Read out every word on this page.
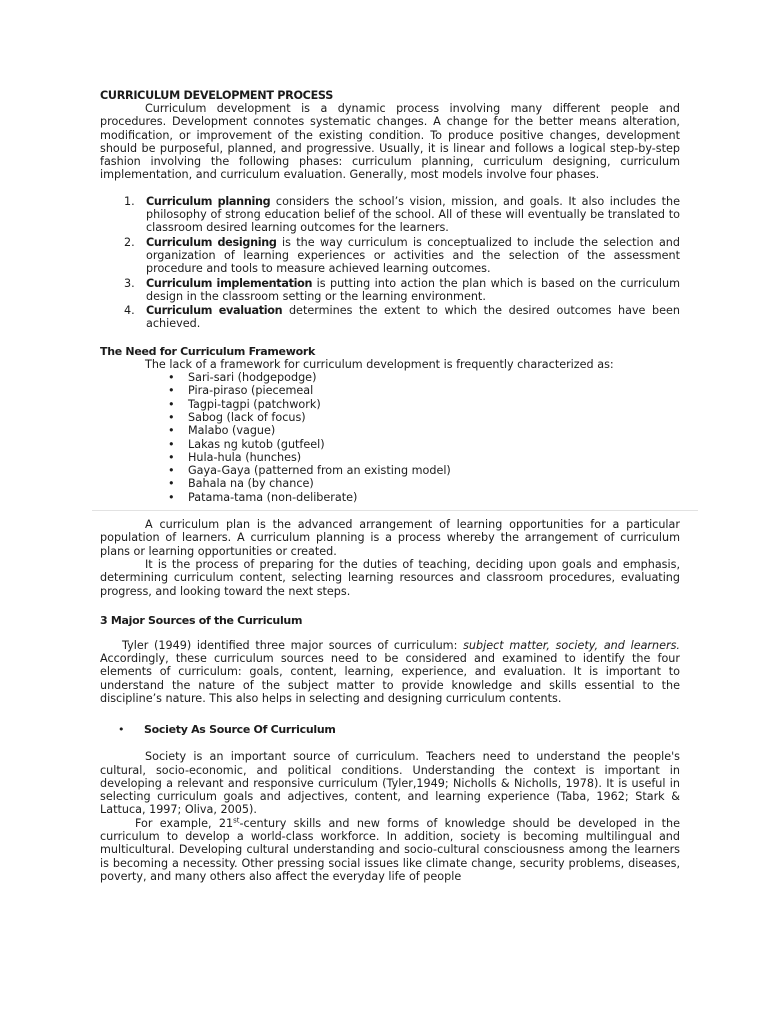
CURRICULUM DEVELOPMENT PROCESS

Curriculum development is a dynamic process involving many different people and procedures. Development connotes systematic changes. A change for the better means alteration, modification, or improvement of the existing condition. To produce positive changes, development should be purposeful, planned, and progressive. Usually, it is linear and follows a logical step-by-step fashion involving the following phases: curriculum planning, curriculum designing, curriculum implementation, and curriculum evaluation. Generally, most models involve four phases.

1. Curriculum planning considers the school’s vision, mission, and goals. It also includes the philosophy of strong education belief of the school. All of these will eventually be translated to classroom desired learning outcomes for the learners.
2. Curriculum designing is the way curriculum is conceptualized to include the selection and organization of learning experiences or activities and the selection of the assessment procedure and tools to measure achieved learning outcomes.
3. Curriculum implementation is putting into action the plan which is based on the curriculum design in the classroom setting or the learning environment.
4. Curriculum evaluation determines the extent to which the desired outcomes have been achieved.
The Need for Curriculum Framework

The lack of a framework for curriculum development is frequently characterized as:

• Sari-sari (hodgepodge)
• Pira-piraso (piecemeal
• Tagpi-tagpi (patchwork)
• Sabog (lack of focus)
• Malabo (vague)
• Lakas ng kutob (gutfeel)
• Hula-hula (hunches)
• Gaya-Gaya (patterned from an existing model)
• Bahala na (by chance)
• Patama-tama (non-deliberate)

A curriculum plan is the advanced arrangement of learning opportunities for a particular population of learners. A curriculum planning is a process whereby the arrangement of curriculum plans or learning opportunities or created.

It is the process of preparing for the duties of teaching, deciding upon goals and emphasis, determining curriculum content, selecting learning resources and classroom procedures, evaluating progress, and looking toward the next steps.

3 Major Sources of the Curriculum

Tyler (1949) identified three major sources of curriculum: subject matter, society, and learners. Accordingly, these curriculum sources need to be considered and examined to identify the four elements of curriculum: goals, content, learning, experience, and evaluation. It is important to understand the nature of the subject matter to provide knowledge and skills essential to the discipline’s nature. This also helps in selecting and designing curriculum contents.

• Society As Source Of Curriculum

Society is an important source of curriculum. Teachers need to understand the people's cultural, socio-economic, and political conditions. Understanding the context is important in developing a relevant and responsive curriculum (Tyler,1949; Nicholls & Nicholls, 1978). It is useful in selecting curriculum goals and adjectives, content, and learning experience (Taba, 1962; Stark & Lattuca, 1997; Oliva, 2005).

For example, 21st-century skills and new forms of knowledge should be developed in the curriculum to develop a world-class workforce. In addition, society is becoming multilingual and multicultural. Developing cultural understanding and socio-cultural consciousness among the learners is becoming a necessity. Other pressing social issues like climate change, security problems, diseases, poverty, and many others also affect the everyday life of people
